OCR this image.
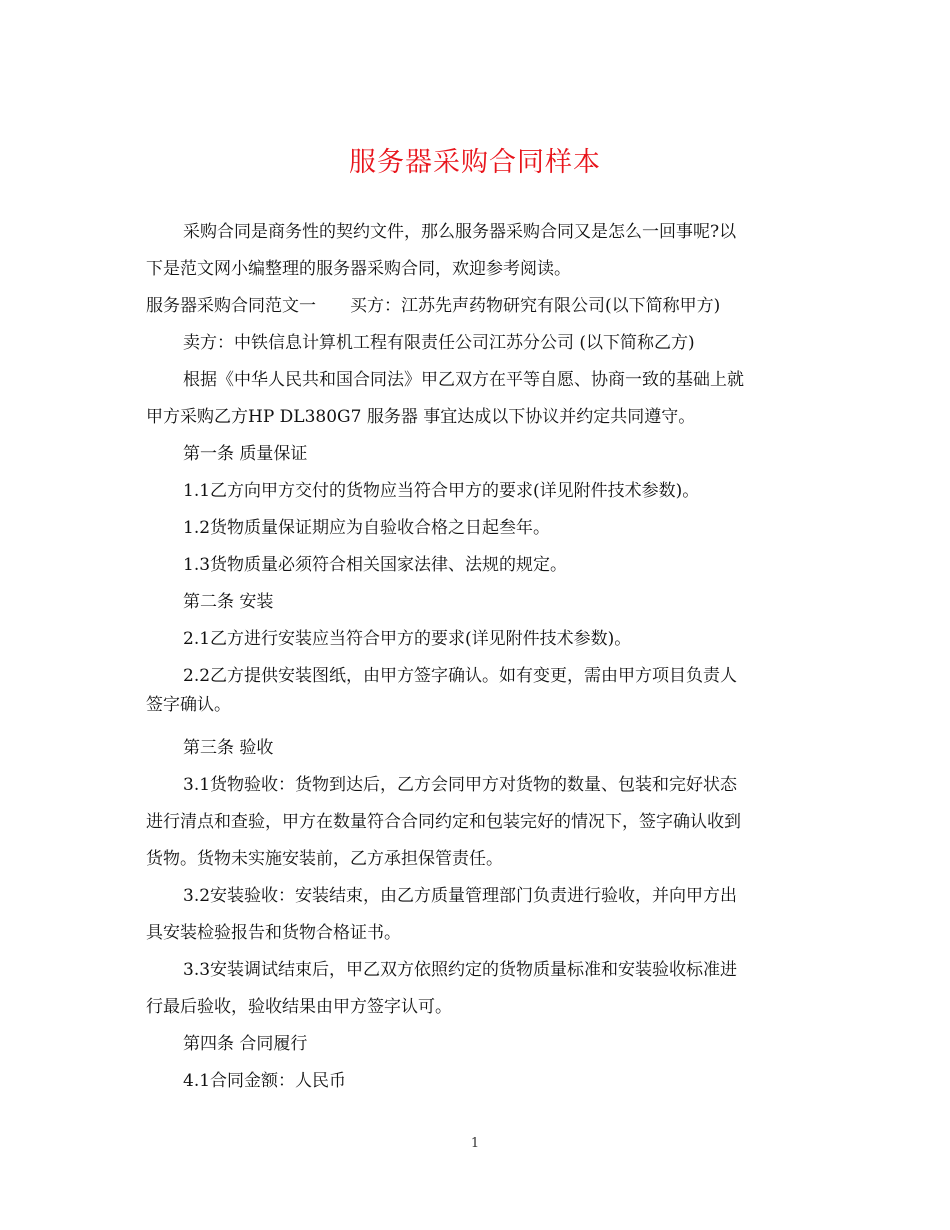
服务器采购合同样本
采购合同是商务性的契约文件，那么服务器采购合同又是怎么一回事呢?以
下是范文网小编整理的服务器采购合同，欢迎参考阅读。
服务器采购合同范文一　　买方：江苏先声药物研究有限公司(以下简称甲方)
卖方：中铁信息计算机工程有限责任公司江苏分公司 (以下简称乙方)
根据《中华人民共和国合同法》甲乙双方在平等自愿、协商一致的基础上就
甲方采购乙方HP DL380G7 服务器 事宜达成以下协议并约定共同遵守。
第一条 质量保证
1.1乙方向甲方交付的货物应当符合甲方的要求(详见附件技术参数)。
1.2货物质量保证期应为自验收合格之日起叁年。
1.3货物质量必须符合相关国家法律、法规的规定。
第二条 安装
2.1乙方进行安装应当符合甲方的要求(详见附件技术参数)。
2.2乙方提供安装图纸，由甲方签字确认。如有变更，需由甲方项目负责人
签字确认。
第三条 验收
3.1货物验收：货物到达后，乙方会同甲方对货物的数量、包装和完好状态
进行清点和查验，甲方在数量符合合同约定和包装完好的情况下，签字确认收到
货物。货物未实施安装前，乙方承担保管责任。
3.2安装验收：安装结束，由乙方质量管理部门负责进行验收，并向甲方出
具安装检验报告和货物合格证书。
3.3安装调试结束后，甲乙双方依照约定的货物质量标准和安装验收标准进
行最后验收，验收结果由甲方签字认可。
第四条 合同履行
4.1合同金额：人民币
1
